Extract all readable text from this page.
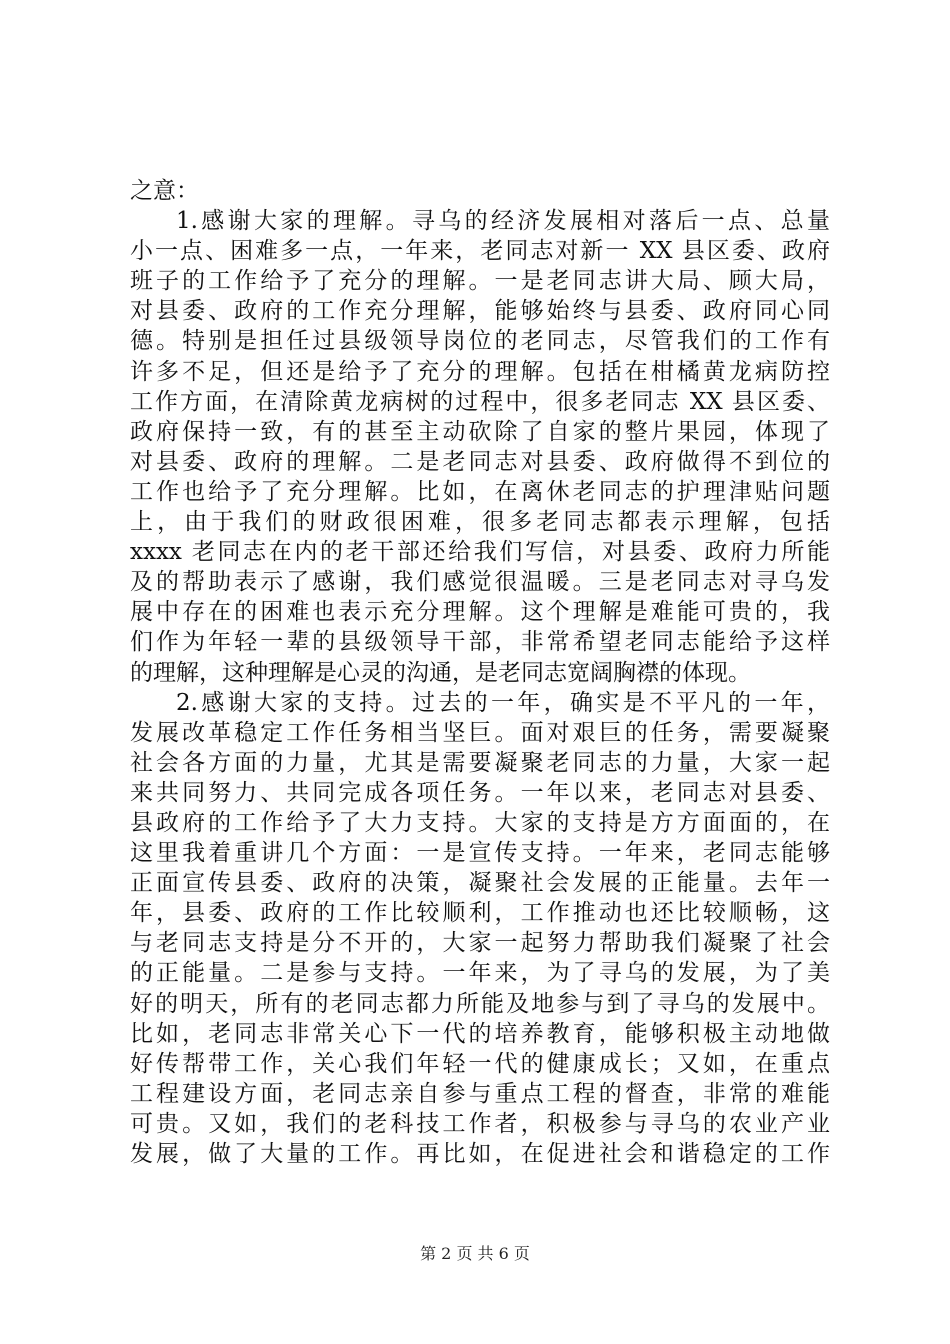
之意：
1.感谢大家的理解。寻乌的经济发展相对落后一点、总量
小一点、困难多一点，一年来，老同志对新一 XX 县区委、政府
班子的工作给予了充分的理解。一是老同志讲大局、顾大局，
对县委、政府的工作充分理解，能够始终与县委、政府同心同
德。特别是担任过县级领导岗位的老同志，尽管我们的工作有
许多不足，但还是给予了充分的理解。包括在柑橘黄龙病防控
工作方面，在清除黄龙病树的过程中，很多老同志 XX 县区委、
政府保持一致，有的甚至主动砍除了自家的整片果园，体现了
对县委、政府的理解。二是老同志对县委、政府做得不到位的
工作也给予了充分理解。比如，在离休老同志的护理津贴问题
上，由于我们的财政很困难，很多老同志都表示理解，包括
xxxx 老同志在内的老干部还给我们写信，对县委、政府力所能
及的帮助表示了感谢，我们感觉很温暖。三是老同志对寻乌发
展中存在的困难也表示充分理解。这个理解是难能可贵的，我
们作为年轻一辈的县级领导干部，非常希望老同志能给予这样
的理解，这种理解是心灵的沟通，是老同志宽阔胸襟的体现。
2.感谢大家的支持。过去的一年，确实是不平凡的一年，
发展改革稳定工作任务相当坚巨。面对艰巨的任务，需要凝聚
社会各方面的力量，尤其是需要凝聚老同志的力量，大家一起
来共同努力、共同完成各项任务。一年以来，老同志对县委、
县政府的工作给予了大力支持。大家的支持是方方面面的，在
这里我着重讲几个方面：一是宣传支持。一年来，老同志能够
正面宣传县委、政府的决策，凝聚社会发展的正能量。去年一
年，县委、政府的工作比较顺利，工作推动也还比较顺畅，这
与老同志支持是分不开的，大家一起努力帮助我们凝聚了社会
的正能量。二是参与支持。一年来，为了寻乌的发展，为了美
好的明天，所有的老同志都力所能及地参与到了寻乌的发展中。
比如，老同志非常关心下一代的培养教育，能够积极主动地做
好传帮带工作，关心我们年轻一代的健康成长；又如，在重点
工程建设方面，老同志亲自参与重点工程的督查，非常的难能
可贵。又如，我们的老科技工作者，积极参与寻乌的农业产业
发展，做了大量的工作。再比如，在促进社会和谐稳定的工作
第 2 页 共 6 页
